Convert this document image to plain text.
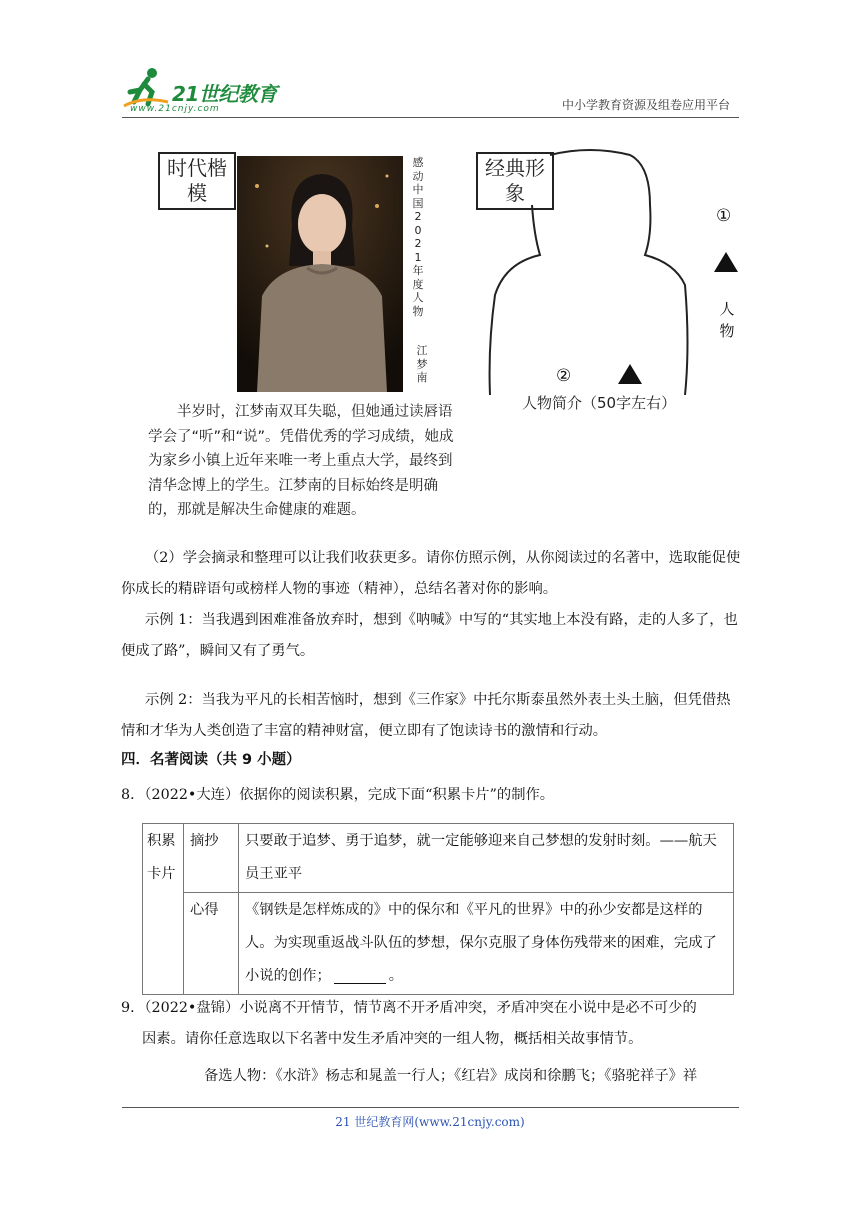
21世纪教育
www.21cnjy.com	中小学教育资源及组卷应用平台
时代楷模
感动中国2021年度人物
江梦南
半岁时，江梦南双耳失聪，但她通过读唇语学会了“听”和“说”。凭借优秀的学习成绩，她成为家乡小镇上近年来唯一考上重点大学，最终到清华念博上的学生。江梦南的目标始终是明确的，那就是解决生命健康的难题。
经典形象
①
人物
②
人物简介（50字左右）
（2）学会摘录和整理可以让我们收获更多。请你仿照示例，从你阅读过的名著中，选取能促使你成长的精辟语句或榜样人物的事迹（精神），总结名著对你的影响。
示例 1：当我遇到困难准备放弃时，想到《呐喊》中写的“其实地上本没有路，走的人多了，也便成了路”，瞬间又有了勇气。
示例 2：当我为平凡的长相苦恼时，想到《三作家》中托尔斯泰虽然外表土头土脑，但凭借热情和才华为人类创造了丰富的精神财富，便立即有了饱读诗书的激情和行动。
四．名著阅读（共 9 小题）
8．（2022•大连）依据你的阅读积累，完成下面“积累卡片”的制作。
积累卡片	摘抄	只要敢于追梦、勇于追梦，就一定能够迎来自己梦想的发射时刻。——航天员王亚平
	心得	《钢铁是怎样炼成的》中的保尔和《平凡的世界》中的孙少安都是这样的人。为实现重返战斗队伍的梦想，保尔克服了身体伤残带来的困难，完成了小说的创作； 。
9．（2022•盘锦）小说离不开情节，情节离不开矛盾冲突，矛盾冲突在小说中是必不可少的
因素。请你任意选取以下名著中发生矛盾冲突的一组人物，概括相关故事情节。
备选人物：《水浒》杨志和晁盖一行人；《红岩》成岗和徐鹏飞；《骆驼祥子》祥
21 世纪教育网(www.21cnjy.com)
